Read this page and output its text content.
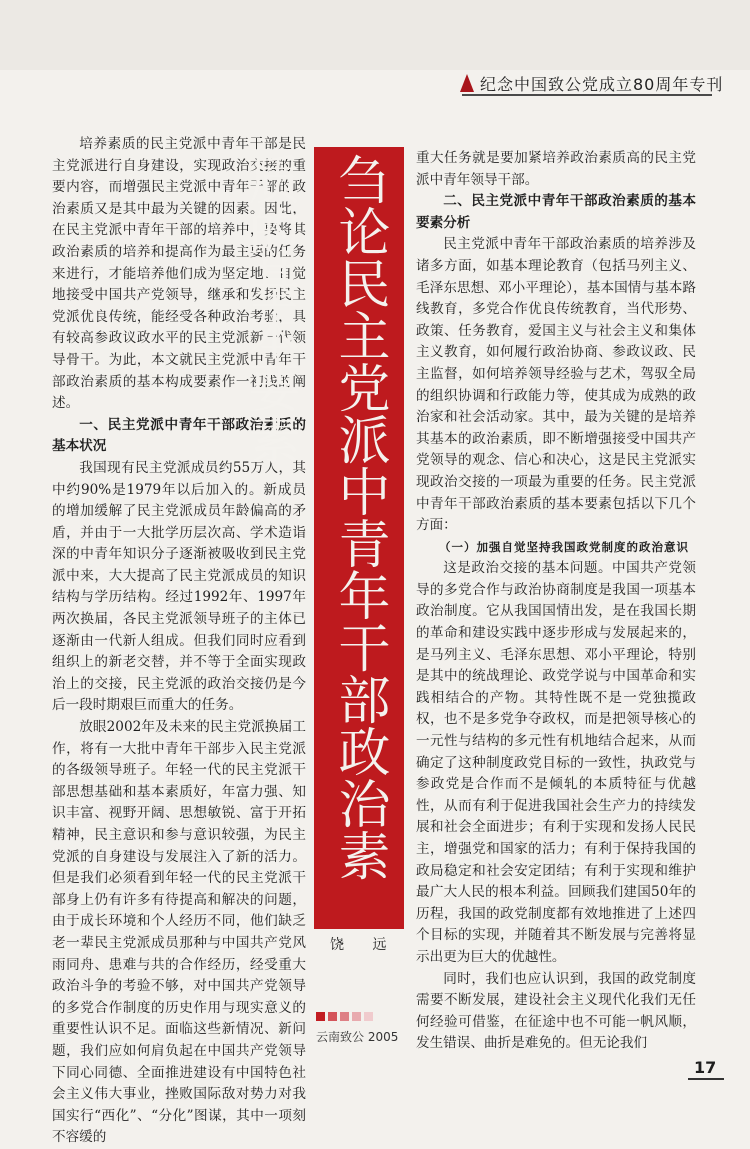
纪念中国致公党成立80周年专刊

培养素质的民主党派中青年干部是民主党派进行自身建设，实现政治交接的重要内容，而增强民主党派中青年干部的政治素质又是其中最为关键的因素。因此，在民主党派中青年干部的培养中，要将其政治素质的培养和提高作为最主要的任务来进行，才能培养他们成为坚定地、自觉地接受中国共产党领导，继承和发扬民主党派优良传统，能经受各种政治考验，具有较高参政议政水平的民主党派新一代领导骨干。为此，本文就民主党派中青年干部政治素质的基本构成要素作一初浅的阐述。

一、民主党派中青年干部政治素质的基本状况

我国现有民主党派成员约55万人，其中约90%是1979年以后加入的。新成员的增加缓解了民主党派成员年龄偏高的矛盾，并由于一大批学历层次高、学术造诣深的中青年知识分子逐渐被吸收到民主党派中来，大大提高了民主党派成员的知识结构与学历结构。经过1992年、1997年两次换届，各民主党派领导班子的主体已逐渐由一代新人组成。但我们同时应看到组织上的新老交替，并不等于全面实现政治上的交接，民主党派的政治交接仍是今后一段时期艰巨而重大的任务。

放眼2002年及未来的民主党派换届工作，将有一大批中青年干部步入民主党派的各级领导班子。年轻一代的民主党派干部思想基础和基本素质好，年富力强、知识丰富、视野开阔、思想敏锐、富于开拓精神，民主意识和参与意识较强，为民主党派的自身建设与发展注入了新的活力。但是我们必须看到年轻一代的民主党派干部身上仍有许多有待提高和解决的问题，由于成长环境和个人经历不同，他们缺乏老一辈民主党派成员那种与中国共产党风雨同舟、患难与共的合作经历，经受重大政治斗争的考验不够，对中国共产党领导的多党合作制度的历史作用与现实意义的重要性认识不足。面临这些新情况、新问题，我们应如何肩负起在中国共产党领导下同心同德、全面推进建设有中国特色社会主义伟大事业，挫败国际敌对势力对我国实行“西化”、“分化”图谋，其中一项刻不容缓的

刍论民主党派中青年干部政治素质的基本要素
饶 远

重大任务就是要加紧培养政治素质高的民主党派中青年领导干部。

二、民主党派中青年干部政治素质的基本要素分析

民主党派中青年干部政治素质的培养涉及诸多方面，如基本理论教育（包括马列主义、毛泽东思想、邓小平理论），基本国情与基本路线教育，多党合作优良传统教育，当代形势、政策、任务教育，爱国主义与社会主义和集体主义教育，如何履行政治协商、参政议政、民主监督，如何培养领导经验与艺术，驾驭全局的组织协调和行政能力等，使其成为成熟的政治家和社会活动家。其中，最为关键的是培养其基本的政治素质，即不断增强接受中国共产党领导的观念、信心和决心，这是民主党派实现政治交接的一项最为重要的任务。民主党派中青年干部政治素质的基本要素包括以下几个方面：

（一）加强自觉坚持我国政党制度的政治意识

这是政治交接的基本问题。中国共产党领导的多党合作与政治协商制度是我国一项基本政治制度。它从我国国情出发，是在我国长期的革命和建设实践中逐步形成与发展起来的，是马列主义、毛泽东思想、邓小平理论，特别是其中的统战理论、政党学说与中国革命和实践相结合的产物。其特性既不是一党独揽政权，也不是多党争夺政权，而是把领导核心的一元性与结构的多元性有机地结合起来，从而确定了这种制度政党目标的一致性，执政党与参政党是合作而不是倾轧的本质特征与优越性，从而有利于促进我国社会生产力的持续发展和社会全面进步；有利于实现和发扬人民民主，增强党和国家的活力；有利于保持我国的政局稳定和社会安定团结；有利于实现和维护最广大人民的根本利益。回顾我们建国50年的历程，我国的政党制度都有效地推进了上述四个目标的实现，并随着其不断发展与完善将显示出更为巨大的优越性。

同时，我们也应认识到，我国的政党制度需要不断发展，建设社会主义现代化我们无任何经验可借鉴，在征途中也不可能一帆风顺，发生错误、曲折是难免的。但无论我们

云南致公 2005
17
